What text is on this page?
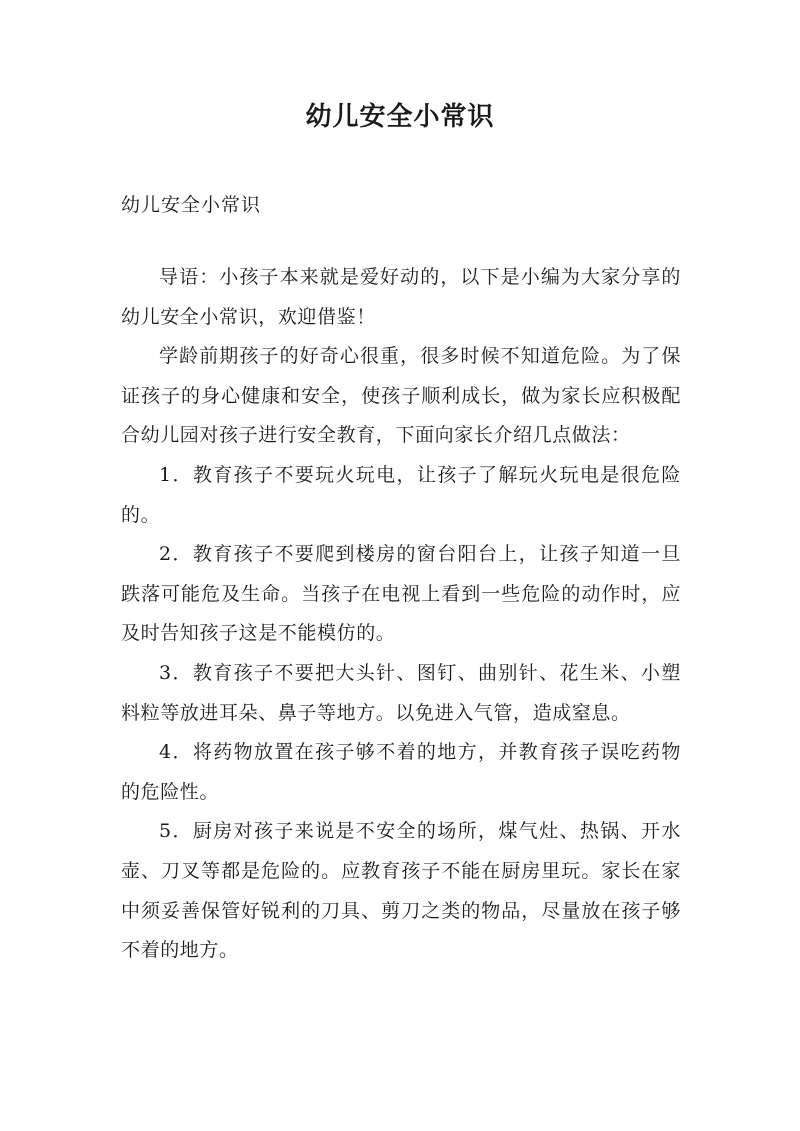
幼儿安全小常识

幼儿安全小常识

导语：小孩子本来就是爱好动的，以下是小编为大家分享的幼儿安全小常识，欢迎借鉴！

学龄前期孩子的好奇心很重，很多时候不知道危险。为了保证孩子的身心健康和安全，使孩子顺利成长，做为家长应积极配合幼儿园对孩子进行安全教育，下面向家长介绍几点做法：

1．教育孩子不要玩火玩电，让孩子了解玩火玩电是很危险的。

2．教育孩子不要爬到楼房的窗台阳台上，让孩子知道一旦跌落可能危及生命。当孩子在电视上看到一些危险的动作时，应及时告知孩子这是不能模仿的。

3．教育孩子不要把大头针、图钉、曲别针、花生米、小塑料粒等放进耳朵、鼻子等地方。以免进入气管，造成窒息。

4．将药物放置在孩子够不着的地方，并教育孩子误吃药物的危险性。

5．厨房对孩子来说是不安全的场所，煤气灶、热锅、开水壶、刀叉等都是危险的。应教育孩子不能在厨房里玩。家长在家中须妥善保管好锐利的刀具、剪刀之类的物品，尽量放在孩子够不着的地方。
